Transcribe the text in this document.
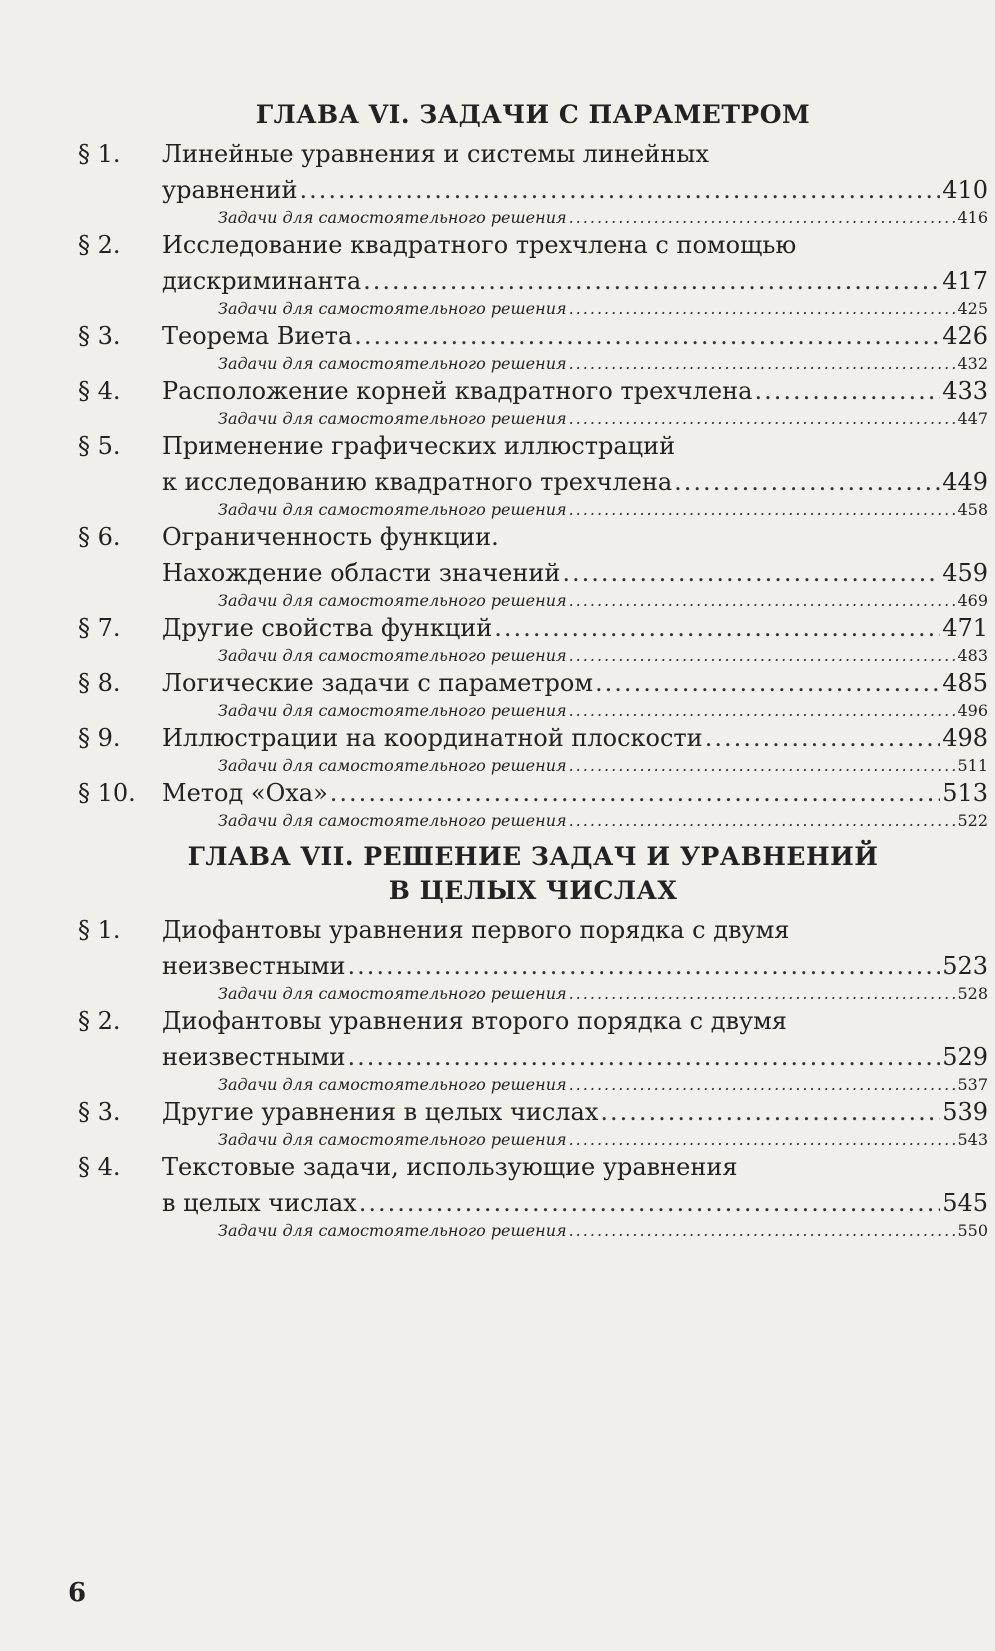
ГЛАВА VI. ЗАДАЧИ С ПАРАМЕТРОМ
§ 1.	Линейные уравнения и системы линейных
уравнений .....	410
Задачи для самостоятельного решения .....	416
§ 2.	Исследование квадратного трехчлена с помощью
дискриминанта .....	417
Задачи для самостоятельного решения .....	425
§ 3.	Теорема Виета .....	426
Задачи для самостоятельного решения .....	432
§ 4.	Расположение корней квадратного трехчлена .....	433
Задачи для самостоятельного решения .....	447
§ 5.	Применение графических иллюстраций
к исследованию квадратного трехчлена .....	449
Задачи для самостоятельного решения .....	458
§ 6.	Ограниченность функции.
Нахождение области значений .....	459
Задачи для самостоятельного решения .....	469
§ 7.	Другие свойства функций .....	471
Задачи для самостоятельного решения .....	483
§ 8.	Логические задачи с параметром .....	485
Задачи для самостоятельного решения .....	496
§ 9.	Иллюстрации на координатной плоскости .....	498
Задачи для самостоятельного решения .....	511
§ 10.	Метод «Оха» .....	513
Задачи для самостоятельного решения .....	522
ГЛАВА VII. РЕШЕНИЕ ЗАДАЧ И УРАВНЕНИЙ
В ЦЕЛЫХ ЧИСЛАХ
§ 1.	Диофантовы уравнения первого порядка с двумя
неизвестными .....	523
Задачи для самостоятельного решения .....	528
§ 2.	Диофантовы уравнения второго порядка с двумя
неизвестными .....	529
Задачи для самостоятельного решения .....	537
§ 3.	Другие уравнения в целых числах .....	539
Задачи для самостоятельного решения .....	543
§ 4.	Текстовые задачи, использующие уравнения
в целых числах .....	545
Задачи для самостоятельного решения .....	550
6
